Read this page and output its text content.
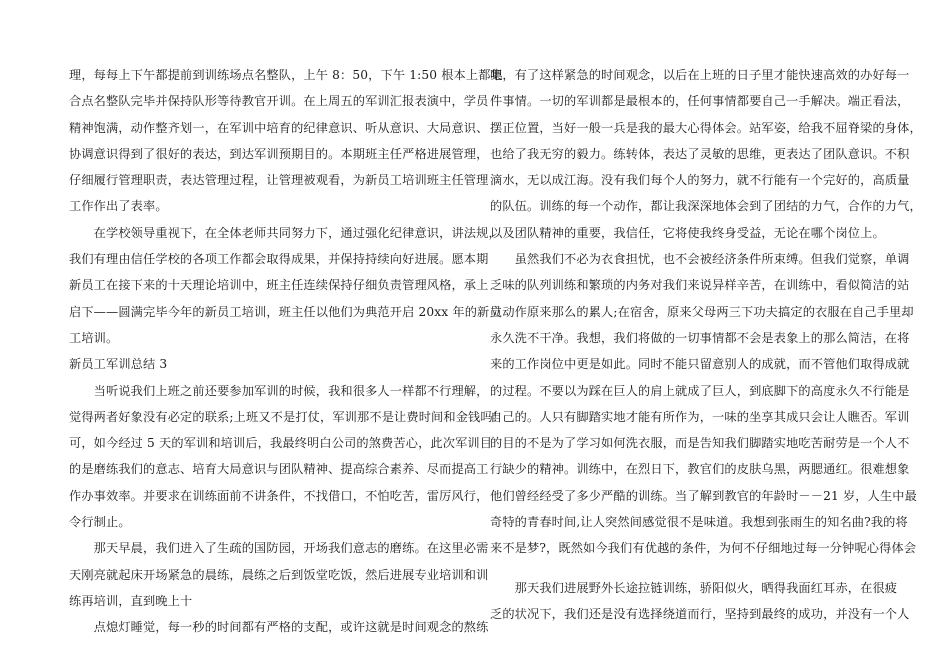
理，每每上下午都提前到训练场点名整队，上午 8：50，下午 1:50 根本上都集
合点名整队完毕并保持队形等待教官开训。在上周五的军训汇报表演中，学员
精神饱满，动作整齐划一，在军训中培育的纪律意识、听从意识、大局意识、
协调意识得到了很好的表达，到达军训预期目的。本期班主任严格进展管理，
仔细履行管理职责，表达管理过程，让管理被观看，为新员工培训班主任管理
工作作出了表率。
　　在学校领导重视下，在全体老师共同努力下，通过强化纪律意识，讲法规，
我们有理由信任学校的各项工作都会取得成果，并保持持续向好进展。愿本期
新员工在接下来的十天理论培训中，班主任连续保持仔细负责管理风格，承上
启下——圆满完毕今年的新员工培训，班主任以他们为典范开启 20xx 年的新员
工培训。
新员工军训总结 3
　　当听说我们上班之前还要参加军训的时候，我和很多人一样都不行理解，
觉得两者好象没有必定的联系;上班又不是打仗，军训那不是让费时间和金钱吗!
可，如今经过 5 天的军训和培训后，我最终明白公司的煞费苦心，此次军训目
的是磨练我们的意志、培育大局意识与团队精神、提高综合素养、尽而提高工
作办事效率。并要求在训练面前不讲条件，不找借口，不怕吃苦，雷厉风行，
令行制止。
　　那天早晨，我们进入了生疏的国防园，开场我们意志的磨练。在这里必需
天刚亮就起床开场紧急的晨练，晨练之后到饭堂吃饭，然后进展专业培训和训
练再培训，直到晚上十
　　点熄灯睡觉，每一秒的时间都有严格的支配，或许这就是时间观念的熬练
吧，有了这样紧急的时间观念，以后在上班的日子里才能快速高效的办好每一
件事情。一切的军训都是最根本的，任何事情都要自己一手解决。端正看法，
摆正位置，当好一般一兵是我的最大心得体会。站军姿，给我不屈脊梁的身体，
也给了我无穷的毅力。练转体，表达了灵敏的思维，更表达了团队意识。不积
滴水，无以成江海。没有我们每个人的努力，就不行能有一个完好的，高质量
的队伍。训练的每一个动作，都让我深深地体会到了团结的力气，合作的力气，
以及团队精神的重要，我信任，它将使我终身受益，无论在哪个岗位上。
　　虽然我们不必为衣食担忧，也不会被经济条件所束缚。但我们觉察，单调
乏味的队列训练和繁琐的内务对我们来说异样辛苦，在训练中，看似简洁的站
立动作原来那么的累人;在宿舍，原来父母两三下功夫搞定的衣服在自己手里却
永久洗不干净。我想，我们将做的一切事情都不会是表象上的那么简洁，在将
来的工作岗位中更是如此。同时不能只留意别人的成就，而不管他们取得成就
的过程。不要以为踩在巨人的肩上就成了巨人，到底脚下的高度永久不行能是
自己的。人只有脚踏实地才能有所作为，一味的坐享其成只会让人瞧否。军训
的目的不是为了学习如何洗衣服，而是告知我们脚踏实地吃苦耐劳是一个人不
行缺少的精神。训练中，在烈日下，教官们的皮肤乌黑，两腮通红。很难想象
他们曾经经受了多少严酷的训练。当了解到教官的年龄时－－21 岁，人生中最
奇特的青春时间,让人突然间感觉很不是味道。我想到张雨生的知名曲?我的将
来不是梦?，既然如今我们有优越的条件，为何不仔细地过每一分钟呢心得体会
　　那天我们进展野外长途拉链训练，骄阳似火，晒得我面红耳赤，在很疲
乏的状况下，我们还是没有选择绕道而行，坚持到最终的成功，并没有一个人
